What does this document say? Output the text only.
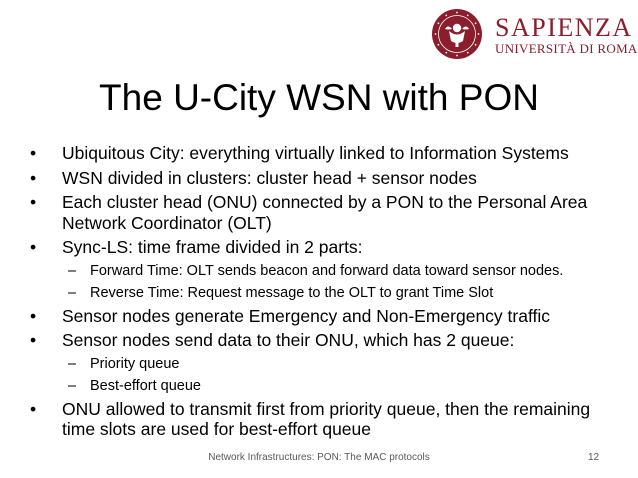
SAPIENZA
UNIVERSITÀ DI ROMA
The U-City WSN with PON
• Ubiquitous City: everything virtually linked to Information Systems
• WSN divided in clusters: cluster head + sensor nodes
• Each cluster head (ONU) connected by a PON to the Personal Area Network Coordinator (OLT)
• Sync-LS: time frame divided in 2 parts:
– Forward Time: OLT sends beacon and forward data toward sensor nodes.
– Reverse Time: Request message to the OLT to grant Time Slot
• Sensor nodes generate Emergency and Non-Emergency traffic
• Sensor nodes send data to their ONU, which has 2 queue:
– Priority queue
– Best-effort queue
• ONU allowed to transmit first from priority queue, then the remaining time slots are used for best-effort queue
Network Infrastructures: PON: The MAC protocols	12
